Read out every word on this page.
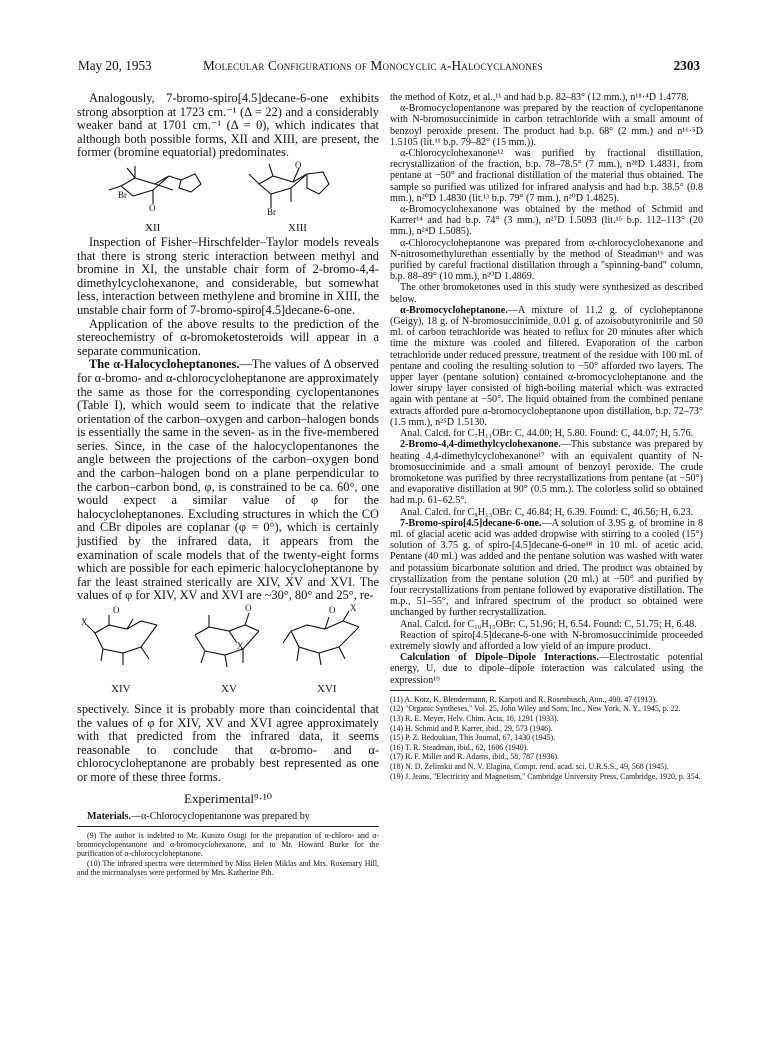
May 20, 1953	Molecular Configurations of Monocyclic α-Halocyclanones	2303

Analogously, 7-bromo-spiro[4.5]decane-6-one exhibits strong absorption at 1723 cm.⁻¹ (Δ = 22) and a considerably weaker band at 1701 cm.⁻¹ (Δ = 0), which indicates that although both possible forms, XII and XIII, are present, the former (bromine equatorial) predominates.

Br
O	Br
O
XII	XIII

Inspection of Fisher–Hirschfelder–Taylor models reveals that there is strong steric interaction between methyl and bromine in XI, the unstable chair form of 2-bromo-4,4-dimethylcyclohexanone, and considerable, but somewhat less, interaction between methylene and bromine in XIII, the unstable chair form of 7-bromo-spiro[4.5]decane-6-one.

Application of the above results to the prediction of the stereochemistry of α-bromoketosteroids will appear in a separate communication.

The α-Halocycloheptanones.—The values of Δ observed for α-bromo- and α-chlorocycloheptanone are approximately the same as those for the corresponding cyclopentanones (Table I), which would seem to indicate that the relative orientation of the carbon–oxygen and carbon–halogen bonds is essentially the same in the seven- as in the five-membered series. Since, in the case of the halocyclopentanones the angle between the projections of the carbon–oxygen bond and the carbon–halogen bond on a plane perpendicular to the carbon–carbon bond, φ, is constrained to be ca. 60°, one would expect a similar value of φ for the halocycloheptanones. Excluding structures in which the CO and CBr dipoles are coplanar (φ = 0°), which is certainly justified by the infrared data, it appears from the examination of scale models that of the twenty-eight forms which are possible for each epimeric halocycloheptanone by far the least strained sterically are XIV, XV and XVI. The values of φ for XIV, XV and XVI are ~30°, 80° and 25°, re-

O
X
X
O	O X
XIV	XV	XVI

spectively. Since it is probably more than coincidental that the values of φ for XIV, XV and XVI agree approximately with that predicted from the infrared data, it seems reasonable to conclude that α-bromo- and α-chlorocycloheptanone are probably best represented as one or more of these three forms.

Experimental⁹·¹⁰

Materials.—α-Chlorocyclopentanone was prepared by

(9) The author is indebted to Mr. Kunizo Osugi for the preparation of α-chloro- and α-bromocyclopentanone and α-bromocyclohexanone, and to Mr. Howard Burke for the purification of α-chlorocycloheptanone.

(10) The infrared spectra were determined by Miss Helen Miklas and Mrs. Rosemary Hill, and the microanalyses were performed by Mrs. Katherine Pih.

the method of Kotz, et al.,¹¹ and had b.p. 82–83° (12 mm.), n¹⁸·⁴D 1.4778.

α-Bromocyclopentanone was prepared by the reaction of cyclopentanone with N-bromosuccinimide in carbon tetrachloride with a small amount of benzoyl peroxide present. The product had b.p. 68° (2 mm.) and n¹⁶·⁵D 1.5105 (lit.¹¹ b.p. 79–82° (15 mm.)).

α-Chlorocyclohexanone¹² was purified by fractional distillation, recrystallization of the fraction, b.p. 78–78.5° (7 mm.), n²⁸D 1.4831, from pentane at −50° and fractional distillation of the material thus obtained. The sample so purified was utilized for infrared analysis and had b.p. 38.5° (0.8 mm.), n²⁰D 1.4830 (lit.¹³ b.p. 79° (7 mm.), n²⁰D 1.4825).

α-Bromocyclohexanone was obtained by the method of Schmid and Karrer¹⁴ and had b.p. 74° (3 mm.), n²⁷D 1.5093 (lit.¹⁵ b.p. 112–113° (20 mm.), n²⁴D 1.5085).

α-Chlorocycloheptanone was prepared from α-chlorocyclohexanone and N-nitrosomethylurethan essentially by the method of Steadman¹⁶ and was purified by careful fractional distillation through a "spinning-band" column, b.p. 88–89° (10 mm.), n²⁰D 1.4869.

The other bromoketones used in this study were synthesized as described below.

α-Bromocycloheptanone.—A mixture of 11.2 g. of cycloheptanone (Geigy), 18 g. of N-bromosuccinimide, 0.01 g. of azoisobutyronitrile and 50 ml. of carbon tetrachloride was heated to reflux for 20 minutes after which time the mixture was cooled and filtered. Evaporation of the carbon tetrachloride under reduced pressure, treatment of the residue with 100 ml. of pentane and cooling the resulting solution to −50° afforded two layers. The upper layer (pentane solution) contained α-bromocycloheptanone and the lower sirupy layer consisted of high-boiling material which was extracted again with pentane at −50°. The liquid obtained from the combined pentane extracts afforded pure α-bromocycloheptanone upon distillation, b.p. 72–73° (1.5 mm.), n²⁵D 1.5130.

Anal. Calcd. for C₇H₁₁OBr: C, 44.00; H, 5.80. Found: C, 44.07; H, 5.76.

2-Bromo-4,4-dimethylcyclohexanone.—This substance was prepared by heating 4,4-dimethylcyclohexanone¹⁷ with an equivalent quantity of N-bromosuccinimide and a small amount of benzoyl peroxide. The crude bromoketone was purified by three recrystallizations from pentane (at −50°) and evaporative distillation at 90° (0.5 mm.). The colorless solid so obtained had m.p. 61–62.5°.

Anal. Calcd. for C₈H₁₃OBr: C, 46.84; H, 6.39. Found: C, 46.56; H, 6.23.

7-Bromo-spiro[4.5]decane-6-one.—A solution of 3.95 g. of bromine in 8 ml. of glacial acetic acid was added dropwise with stirring to a cooled (15°) solution of 3.75 g. of spiro-[4.5]decane-6-one¹⁸ in 10 ml. of acetic acid. Pentane (40 ml.) was added and the pentane solution was washed with water and potassium bicarbonate solution and dried. The product was obtained by crystallization from the pentane solution (20 ml.) at −50° and purified by four recrystallizations from pentane followed by evaporative distillation. The m.p., 51–55°, and infrared spectrum of the product so obtained were unchanged by further recrystallization.

Anal. Calcd. for C₁₀H₁₅OBr: C, 51.96; H, 6.54. Found: C, 51.75; H, 6.48.

Reaction of spiro[4.5]decane-6-one with N-bromosuccinimide proceeded extremely slowly and afforded a low yield of an impure product.

Calculation of Dipole–Dipole Interactions.—Electrostatic potential energy, U, due to dipole–dipole interaction was calculated using the expression¹⁹

(11) A. Kotz, K. Blendermann, R. Karpoti and R. Rosenbusch, Ann., 400, 47 (1913).

(12) "Organic Syntheses," Vol. 25, John Wiley and Sons, Inc., New York, N. Y., 1945, p. 22.

(13) R. E. Meyer, Helv. Chim. Acta, 16, 1291 (1933).

(14) H. Schmid and P. Karrer, ibid., 29, 573 (1946).

(15) P. Z. Bedoukian, This Journal, 67, 1430 (1945).

(16) T. R. Steadman, ibid., 62, 1606 (1940).

(17) R. F. Miller and R. Adams, ibid., 58, 787 (1936).

(18) N. D. Zelinskii and N. V. Elagina, Compt. rend. acad. sci. U.R.S.S., 49, 568 (1945).

(19) J. Jeans, "Electricity and Magnetism," Cambridge University Press, Cambridge, 1920, p. 354.
